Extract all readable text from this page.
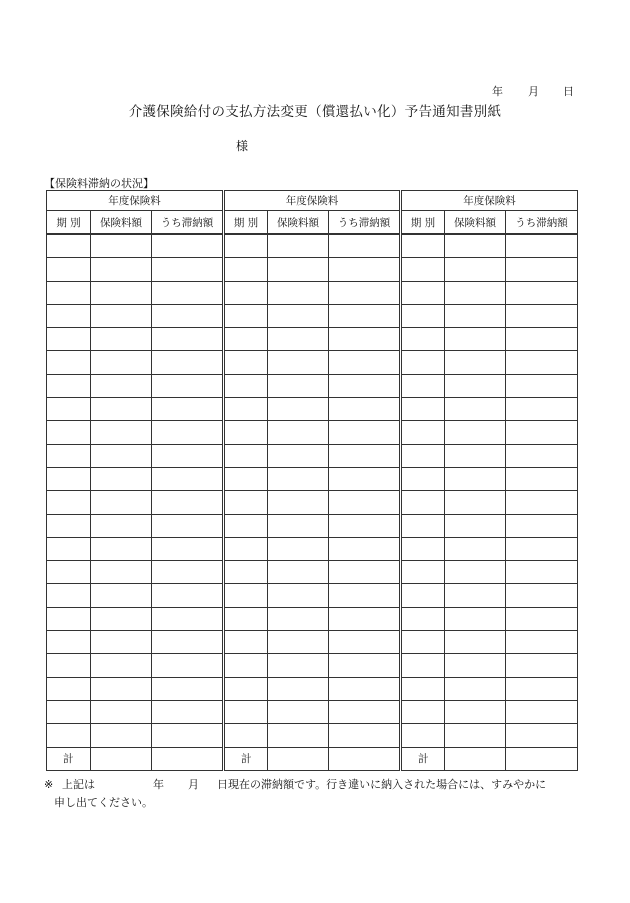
年 月 日
介護保険給付の支払方法変更（償還払い化）予告通知書別紙
様
【保険料滞納の状況】
年度保険料			年度保険料			年度保険料		
期 別	保険料額	うち滞納額	期 別	保険料額	うち滞納額	期 別	保険料額	うち滞納額

計			計			計		
※ 上記は	年 月 日現在の滞納額です。行き違いに納入された場合には、すみやかに
申し出てください。
